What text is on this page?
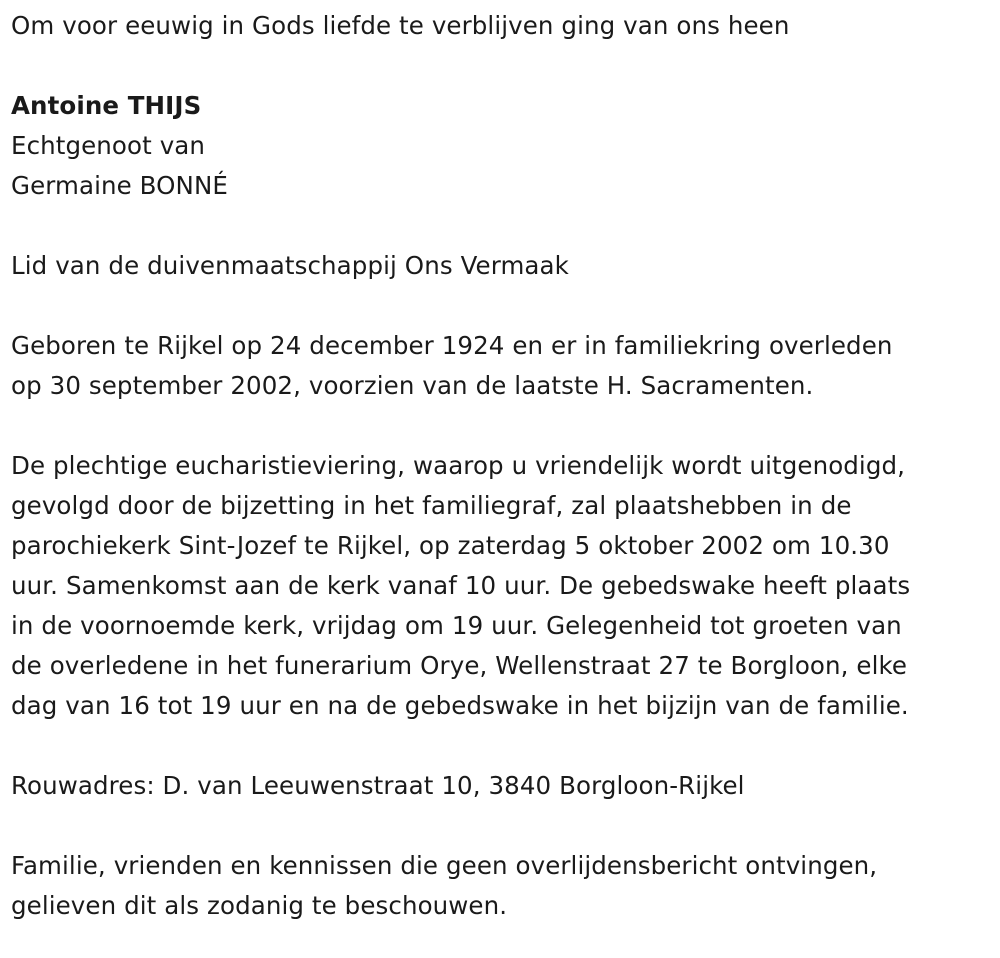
Om voor eeuwig in Gods liefde te verblijven ging van ons heen

Antoine THIJS

Echtgenoot van

Germaine BONNÉ

Lid van de duivenmaatschappij Ons Vermaak

Geboren te Rijkel op 24 december 1924 en er in familiekring overleden

op 30 september 2002, voorzien van de laatste H. Sacramenten.

De plechtige eucharistieviering, waarop u vriendelijk wordt uitgenodigd,

gevolgd door de bijzetting in het familiegraf, zal plaatshebben in de

parochiekerk Sint-Jozef te Rijkel, op zaterdag 5 oktober 2002 om 10.30

uur. Samenkomst aan de kerk vanaf 10 uur. De gebedswake heeft plaats

in de voornoemde kerk, vrijdag om 19 uur. Gelegenheid tot groeten van

de overledene in het funerarium Orye, Wellenstraat 27 te Borgloon, elke

dag van 16 tot 19 uur en na de gebedswake in het bijzijn van de familie.

Rouwadres: D. van Leeuwenstraat 10, 3840 Borgloon-Rijkel

Familie, vrienden en kennissen die geen overlijdensbericht ontvingen,

gelieven dit als zodanig te beschouwen.
